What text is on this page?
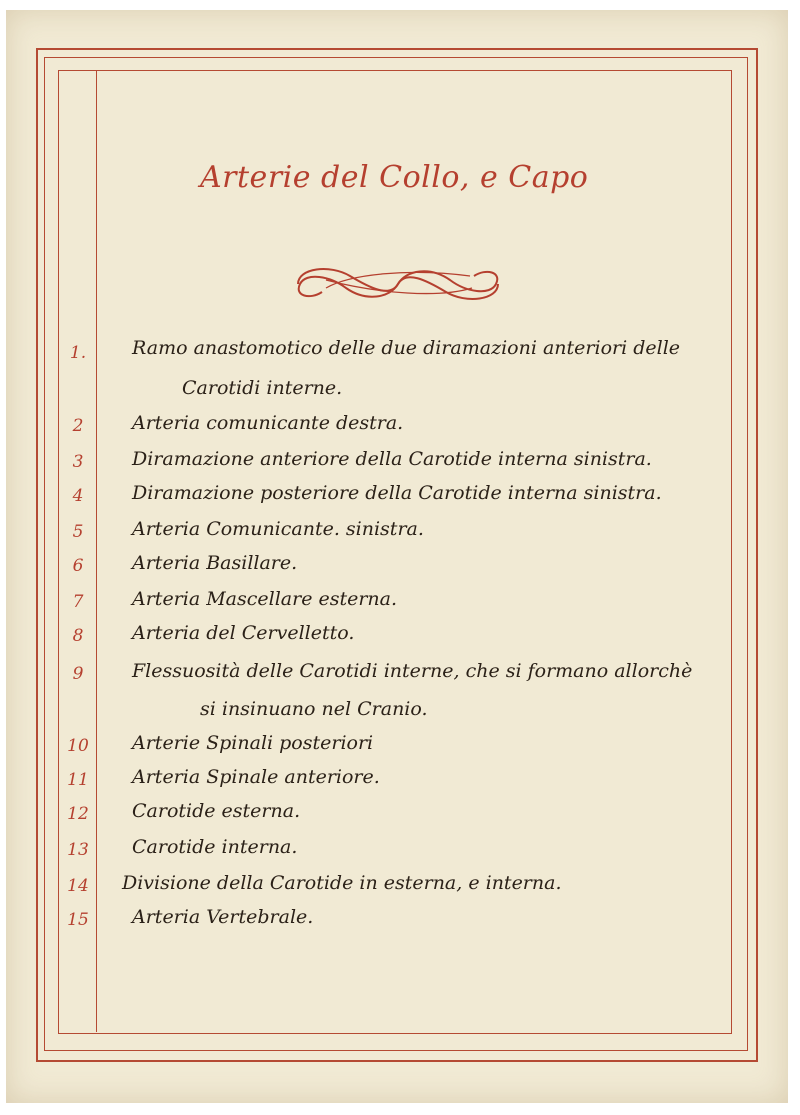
Arterie del Collo, e Capo
1.	Ramo anastomotico delle due diramazioni anteriori delle
Carotidi interne.
2	Arteria comunicante destra.
3	Diramazione anteriore della Carotide interna sinistra.
4	Diramazione posteriore della Carotide interna sinistra.
5	Arteria Comunicante. sinistra.
6	Arteria Basillare.
7	Arteria Mascellare esterna.
8	Arteria del Cervelletto.
9	Flessuosità delle Carotidi interne, che si formano allorchè
si insinuano nel Cranio.
10 Arterie Spinali posteriori
11 Arteria Spinale anteriore.
12 Carotide esterna.
13 Carotide interna.
14 Divisione della Carotide in esterna, e interna.
15 Arteria Vertebrale.
